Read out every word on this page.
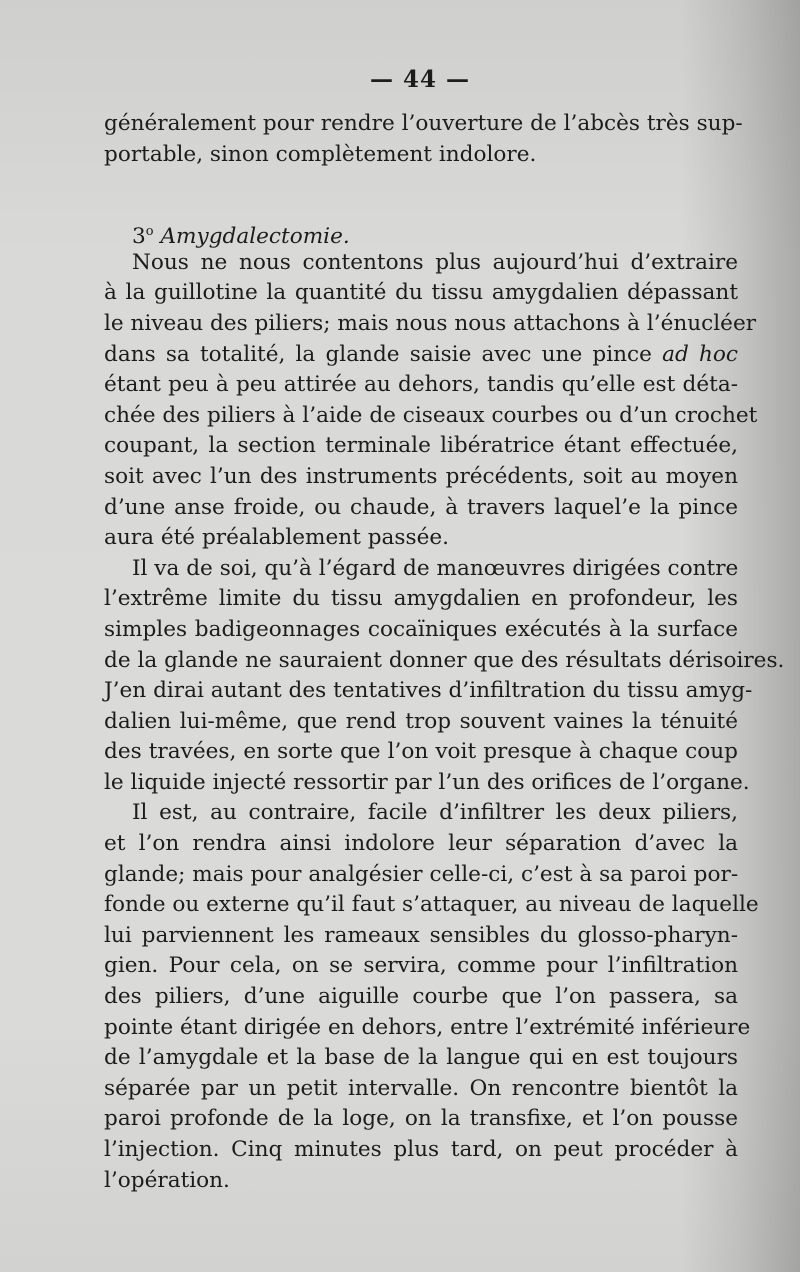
— 44 —
généralement pour rendre l’ouverture de l’abcès très sup-
portable, sinon complètement indolore.
3$^o$ Amygdalectomie.
Nous ne nous contentons plus aujourd’hui d’extraire
à la guillotine la quantité du tissu amygdalien dépassant
le niveau des piliers; mais nous nous attachons à l’énucléer
dans sa totalité, la glande saisie avec une pince ad hoc
étant peu à peu attirée au dehors, tandis qu’elle est déta-
chée des piliers à l’aide de ciseaux courbes ou d’un crochet
coupant, la section terminale libératrice étant effectuée,
soit avec l’un des instruments précédents, soit au moyen
d’une anse froide, ou chaude, à travers laquel’e la pince
aura été préalablement passée.
Il va de soi, qu’à l’égard de manœuvres dirigées contre
l’extrême limite du tissu amygdalien en profondeur, les
simples badigeonnages cocaïniques exécutés à la surface
de la glande ne sauraient donner que des résultats dérisoires.
J’en dirai autant des tentatives d’infiltration du tissu amyg-
dalien lui-même, que rend trop souvent vaines la ténuité
des travées, en sorte que l’on voit presque à chaque coup
le liquide injecté ressortir par l’un des orifices de l’organe.
Il est, au contraire, facile d’infiltrer les deux piliers,
et l’on rendra ainsi indolore leur séparation d’avec la
glande; mais pour analgésier celle-ci, c’est à sa paroi por-
fonde ou externe qu’il faut s’attaquer, au niveau de laquelle
lui parviennent les rameaux sensibles du glosso-pharyn-
gien. Pour cela, on se servira, comme pour l’infiltration
des piliers, d’une aiguille courbe que l’on passera, sa
pointe étant dirigée en dehors, entre l’extrémité inférieure
de l’amygdale et la base de la langue qui en est toujours
séparée par un petit intervalle. On rencontre bientôt la
paroi profonde de la loge, on la transfixe, et l’on pousse
l’injection. Cinq minutes plus tard, on peut procéder à
l’opération.
